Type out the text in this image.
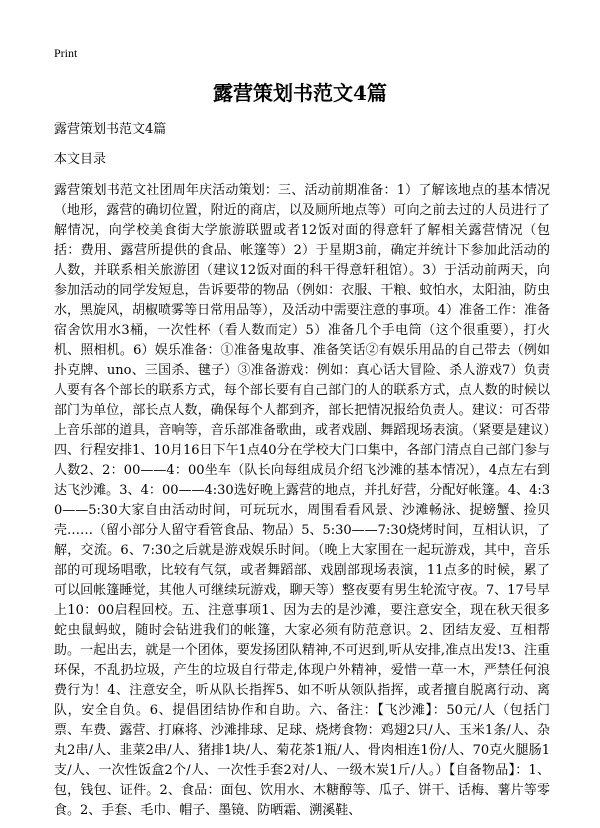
Print
露营策划书范文4篇

露营策划书范文4篇

本文目录

露营策划书范文社团周年庆活动策划：三、活动前期准备：1）了解该地点的基本情况（地形，露营的确切位置，附近的商店，以及厕所地点等）可向之前去过的人员进行了解情况，向学校美食街大学旅游联盟或者12饭对面的得意轩了解相关露营情况（包括：费用、露营所提供的食品、帐篷等）2）于星期3前，确定并统计下参加此活动的人数，并联系相关旅游团（建议12饭对面的科干得意轩租馆）。3）于活动前两天，向参加活动的同学发短息，告诉要带的物品（例如：衣服、干粮、蚊怕水，太阳油，防虫水，黑旋风，胡椒喷雾等日常用品等），及活动中需要注意的事项。4）准备工作：准备宿舍饮用水3桶，一次性杯（看人数而定）5）准备几个手电筒（这个很重要），打火机、照相机。6）娱乐准备：①准备鬼故事、准备笑话②有娱乐用品的自己带去（例如扑克牌、uno、三国杀、毽子）③准备游戏：例如：真心话大冒险、杀人游戏7）负责人要有各个部长的联系方式，每个部长要有自己部门的人的联系方式，点人数的时候以部门为单位，部长点人数，确保每个人都到齐，部长把情况报给负责人。建议：可否带上音乐部的道具，音响等，音乐部准备歌曲，或者戏剧、舞蹈现场表演。（紧要是建议）四、行程安排1、10月16日下午1点40分在学校大门口集中，各部门清点自己部门参与人数2、2：00——4：00坐车（队长向每组成员介绍飞沙滩的基本情况），4点左右到达飞沙滩。3、4：00——4:30选好晚上露营的地点，并扎好营，分配好帐篷。4、4:30——5:30大家自由活动时间，可玩玩水，周围看看风景、沙滩畅泳、捉螃蟹、捡贝壳……（留小部分人留守看管食品、物品）5、5:30——7:30烧烤时间，互相认识，了解，交流。6、7:30之后就是游戏娱乐时间。（晚上大家围在一起玩游戏，其中，音乐部的可现场唱歌，比较有气氛，或者舞蹈部、戏剧部现场表演，11点多的时候，累了可以回帐篷睡觉，其他人可继续玩游戏，聊天等）整夜要有男生轮流守夜。7、17号早上10：00启程回校。五、注意事项1、因为去的是沙滩，要注意安全，现在秋天很多蛇虫鼠蚂蚁，随时会钻进我们的帐篷，大家必须有防范意识。2、团结友爱、互相帮助。一起出去，就是一个团体，要发扬团队精神,不可迟到,听从安排,准点出发!3、注重环保，不乱扔垃圾，产生的垃圾自行带走,体现户外精神，爱惜一草一木，严禁任何浪费行为！4、注意安全，听从队长指挥5、如不听从领队指挥，或者擅自脱离行动、离队，安全自负。6、提倡团结协作和自助。六、备注：【飞沙滩】：50元/人（包括门票、车费、露营、打麻将、沙滩排球、足球、烧烤食物：鸡翅2只/人、玉米1条/人、杂丸2串/人、韭菜2串/人、猪排1块/人、菊花茶1瓶/人、骨肉相连1份/人、70克火腿肠1支/人、一次性饭盒2个/人、一次性手套2对/人、一级木炭1斤/人。）【自备物品】：1、包，钱包、证件。2、食品：面包、饮用水、木糖醇等、瓜子、饼干、话梅、薯片等零食。2、手套、毛巾、帽子、墨镜、防晒霜、溯溪鞋、
